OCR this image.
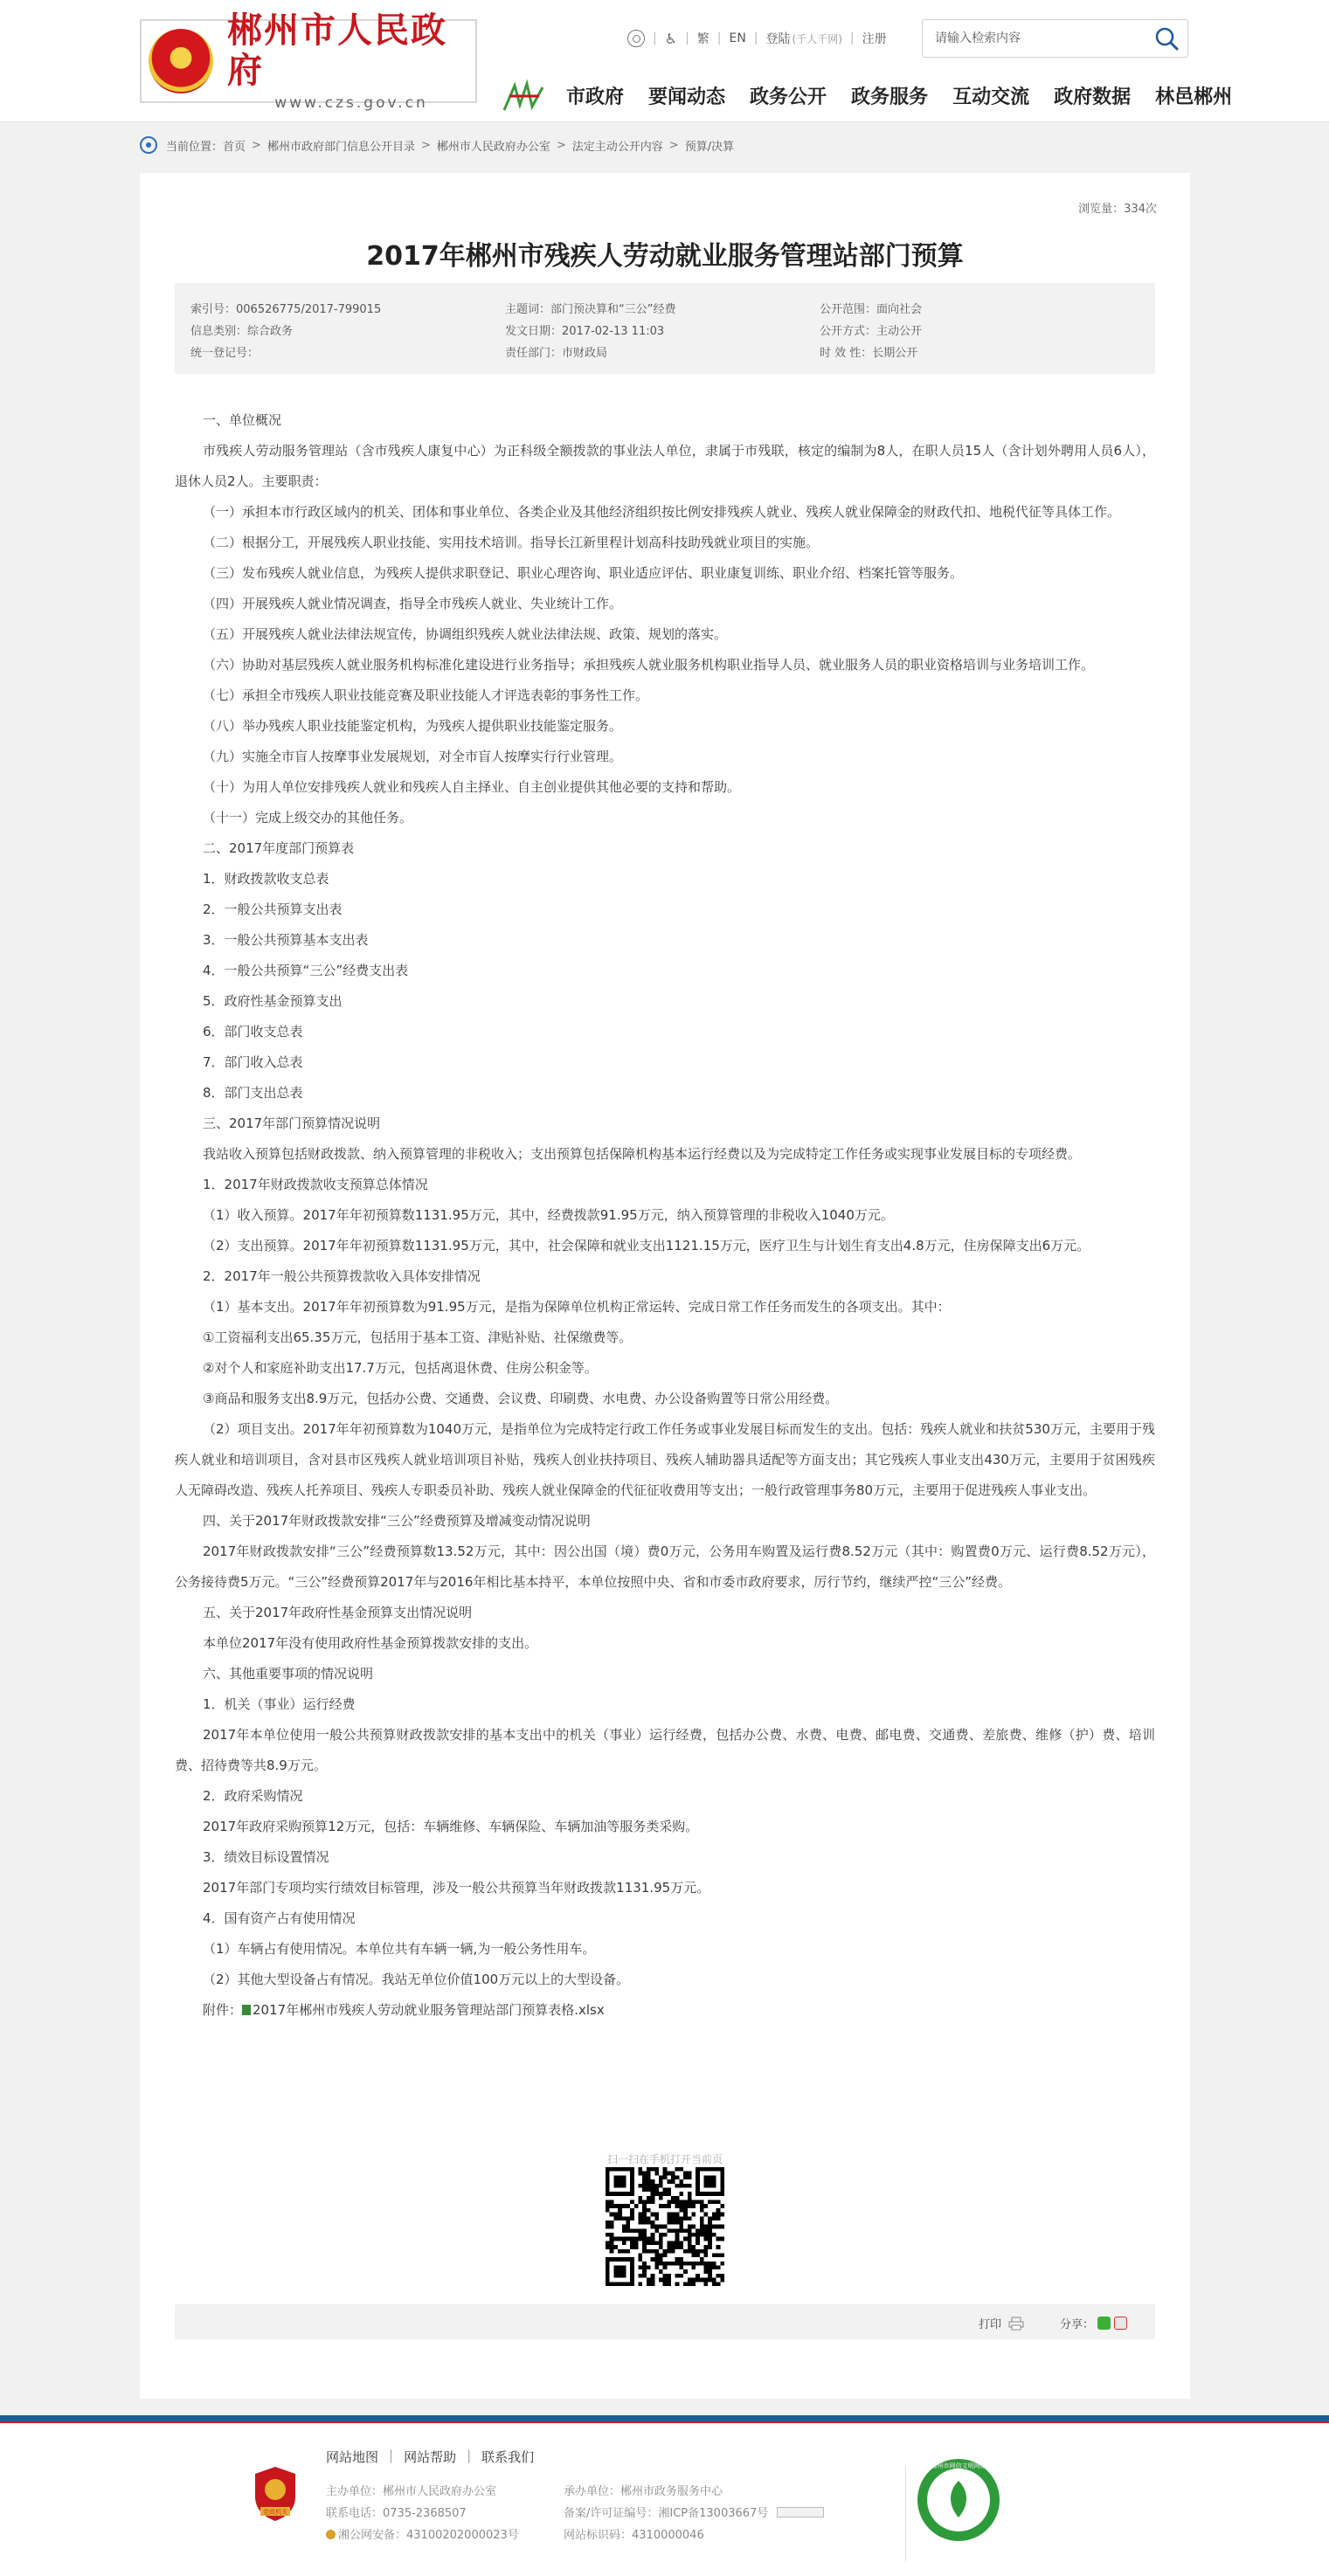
郴州市人民政府
www.czs.gov.cn
| ♿ | 繁 | EN | 登陆 (千人千网) | 注册
请输入检索内容
市政府 要闻动态 政务公开 政务服务 互动交流 政府数据 林邑郴州
当前位置： 首页 > 郴州市政府部门信息公开目录 > 郴州市人民政府办公室 > 法定主动公开内容 > 预算/决算
浏览量：334次
2017年郴州市残疾人劳动就业服务管理站部门预算
索引号：006526775/2017-799015	主题词：部门预决算和“三公”经费	公开范围：面向社会
信息类别：综合政务	发文日期：2017-02-13 11:03	公开方式：主动公开
统一登记号：	责任部门：市财政局	时 效 性：长期公开

一、单位概况

市残疾人劳动服务管理站（含市残疾人康复中心）为正科级全额拨款的事业法人单位，隶属于市残联，核定的编制为8人，在职人员15人（含计划外聘用人员6人），退休人员2人。主要职责：

（一）承担本市行政区域内的机关、团体和事业单位、各类企业及其他经济组织按比例安排残疾人就业、残疾人就业保障金的财政代扣、地税代征等具体工作。

（二）根据分工，开展残疾人职业技能、实用技术培训。指导长江新里程计划高科技助残就业项目的实施。

（三）发布残疾人就业信息，为残疾人提供求职登记、职业心理咨询、职业适应评估、职业康复训练、职业介绍、档案托管等服务。

（四）开展残疾人就业情况调查，指导全市残疾人就业、失业统计工作。

（五）开展残疾人就业法律法规宣传，协调组织残疾人就业法律法规、政策、规划的落实。

（六）协助对基层残疾人就业服务机构标准化建设进行业务指导；承担残疾人就业服务机构职业指导人员、就业服务人员的职业资格培训与业务培训工作。

（七）承担全市残疾人职业技能竞赛及职业技能人才评选表彰的事务性工作。

（八）举办残疾人职业技能鉴定机构，为残疾人提供职业技能鉴定服务。

（九）实施全市盲人按摩事业发展规划，对全市盲人按摩实行行业管理。

（十）为用人单位安排残疾人就业和残疾人自主择业、自主创业提供其他必要的支持和帮助。

（十一）完成上级交办的其他任务。

二、2017年度部门预算表

1．财政拨款收支总表

2．一般公共预算支出表

3．一般公共预算基本支出表

4．一般公共预算“三公”经费支出表

5．政府性基金预算支出

6．部门收支总表

7．部门收入总表

8．部门支出总表

三、2017年部门预算情况说明

我站收入预算包括财政拨款、纳入预算管理的非税收入；支出预算包括保障机构基本运行经费以及为完成特定工作任务或实现事业发展目标的专项经费。

1．2017年财政拨款收支预算总体情况

（1）收入预算。2017年年初预算数1131.95万元，其中，经费拨款91.95万元，纳入预算管理的非税收入1040万元。

（2）支出预算。2017年年初预算数1131.95万元，其中，社会保障和就业支出1121.15万元，医疗卫生与计划生育支出4.8万元，住房保障支出6万元。

2．2017年一般公共预算拨款收入具体安排情况

（1）基本支出。2017年年初预算数为91.95万元，是指为保障单位机构正常运转、完成日常工作任务而发生的各项支出。其中：

①工资福利支出65.35万元，包括用于基本工资、津贴补贴、社保缴费等。

②对个人和家庭补助支出17.7万元，包括离退休费、住房公积金等。

③商品和服务支出8.9万元，包括办公费、交通费、会议费、印刷费、水电费、办公设备购置等日常公用经费。

（2）项目支出。2017年年初预算数为1040万元，是指单位为完成特定行政工作任务或事业发展目标而发生的支出。包括：残疾人就业和扶贫530万元，主要用于残疾人就业和培训项目，含对县市区残疾人就业培训项目补贴，残疾人创业扶持项目、残疾人辅助器具适配等方面支出；其它残疾人事业支出430万元，主要用于贫困残疾人无障碍改造、残疾人托养项目、残疾人专职委员补助、残疾人就业保障金的代征征收费用等支出；一般行政管理事务80万元，主要用于促进残疾人事业支出。

四、关于2017年财政拨款安排“三公”经费预算及增减变动情况说明

2017年财政拨款安排“三公”经费预算数13.52万元，其中：因公出国（境）费0万元，公务用车购置及运行费8.52万元（其中：购置费0万元、运行费8.52万元），公务接待费5万元。“三公”经费预算2017年与2016年相比基本持平，本单位按照中央、省和市委市政府要求，厉行节约，继续严控“三公”经费。

五、关于2017年政府性基金预算支出情况说明

本单位2017年没有使用政府性基金预算拨款安排的支出。

六、其他重要事项的情况说明

1．机关（事业）运行经费

2017年本单位使用一般公共预算财政拨款安排的基本支出中的机关（事业）运行经费，包括办公费、水费、电费、邮电费、交通费、差旅费、维修（护）费、培训费、招待费等共8.9万元。

2．政府采购情况

2017年政府采购预算12万元，包括：车辆维修、车辆保险、车辆加油等服务类采购。

3．绩效目标设置情况

2017年部门专项均实行绩效目标管理，涉及一般公共预算当年财政拨款1131.95万元。

4．国有资产占有使用情况

（1）车辆占有使用情况。本单位共有车辆一辆,为一般公务性用车。

（2）其他大型设备占有情况。我站无单位价值100万元以上的大型设备。

附件： 2017年郴州市残疾人劳动就业服务管理站部门预算表格.xlsx

扫一扫在手机打开当前页
打印	分享：
网站地图 | 网站帮助 | 联系我们
党政机关
主办单位：郴州市人民政府办公室
联系电话：0735-2368507
湘公网安备：43100202000023号
承办单位：郴州市政务服务中心
备案/许可证编号：湘ICP备13003667号
网站标识码：4310000046
郴州市网信文明网站
